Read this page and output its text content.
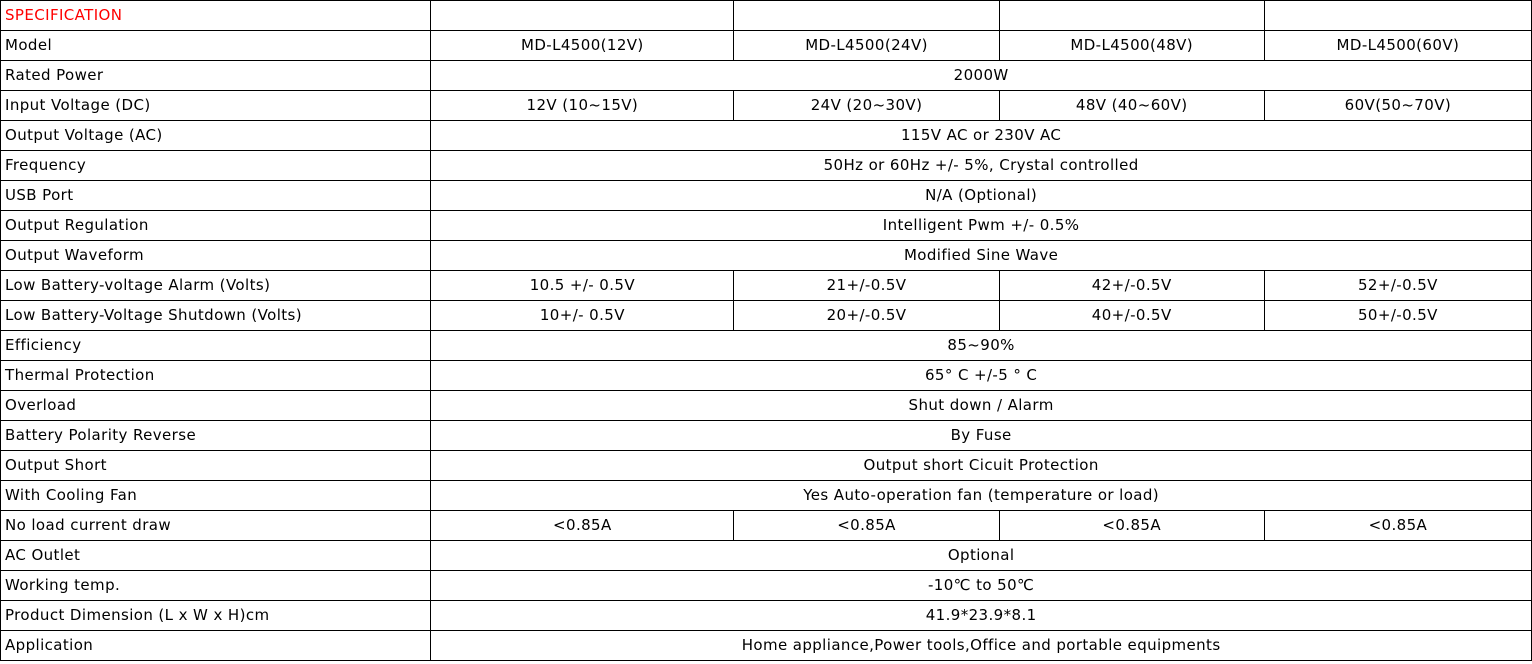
SPECIFICATION				
Model	MD-L4500(12V)	MD-L4500(24V)	MD-L4500(48V)	MD-L4500(60V)
Rated Power	2000W			
Input Voltage (DC)	12V (10~15V)	24V (20~30V)	48V (40~60V)	60V(50~70V)
Output Voltage (AC)	115V AC or 230V AC			
Frequency	50Hz or 60Hz +/- 5%, Crystal controlled			
USB Port	N/A (Optional)			
Output Regulation	Intelligent Pwm +/- 0.5%			
Output Waveform	Modified Sine Wave			
Low Battery-voltage Alarm (Volts)	10.5 +/- 0.5V	21+/-0.5V	42+/-0.5V	52+/-0.5V
Low Battery-Voltage Shutdown (Volts)	10+/- 0.5V	20+/-0.5V	40+/-0.5V	50+/-0.5V
Efficiency	85~90%			
Thermal Protection	65° C +/-5 ° C			
Overload	Shut down / Alarm			
Battery Polarity Reverse	By Fuse			
Output Short	Output short Cicuit Protection			
With Cooling Fan	Yes Auto-operation fan (temperature or load)			
No load current draw	<0.85A	<0.85A	<0.85A	<0.85A
AC Outlet	Optional			
Working temp.	-10℃ to 50℃			
Product Dimension (L x W x H)cm	41.9*23.9*8.1			
Application	Home appliance,Power tools,Office and portable equipments			
